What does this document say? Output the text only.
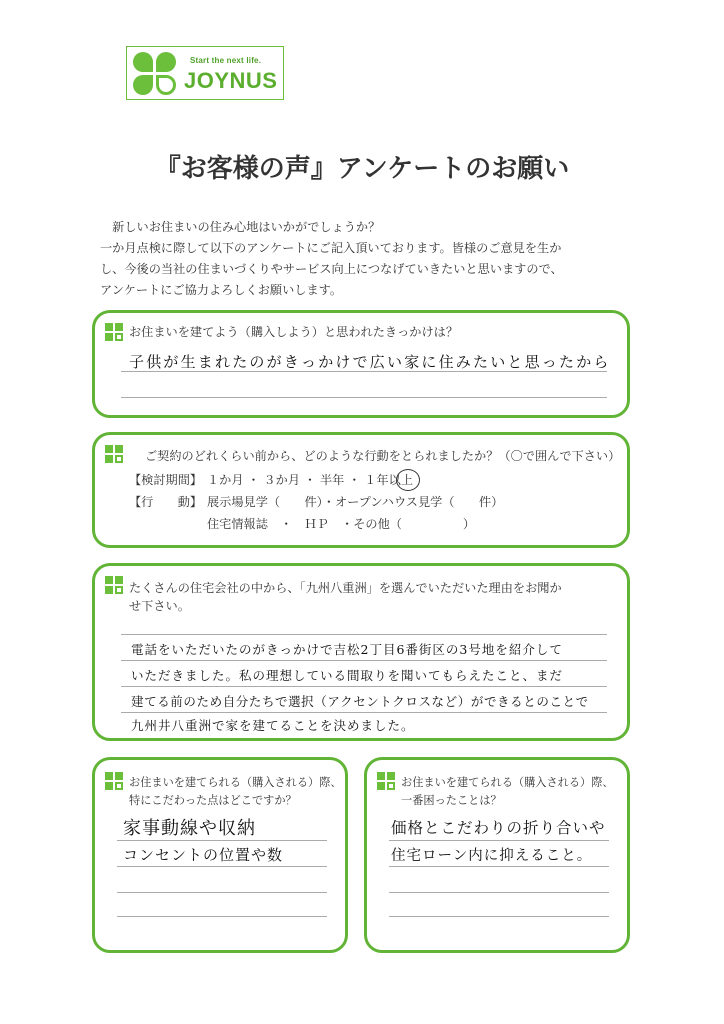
Start the next life.
JOYNUS
『お客様の声』アンケートのお願い

　新しいお住まいの住み心地はいかがでしょうか？

一か月点検に際して以下のアンケートにご記入頂いております。皆様のご意見を生か

し、今後の当社の住まいづくりやサービス向上につなげていきたいと思いますので、

アンケートにご協力よろしくお願いします。

お住まいを建てよう（購入しよう）と思われたきっかけは？
子供が生まれたのがきっかけで広い家に住みたいと思ったから
ご契約のどれくらい前から、どのような行動をとられましたか？（〇で囲んで下さい）
【検討期間】 １か月 ・ ３か月 ・ 半年 ・ １年以上
【行　　動】 展示場見学（　　件）・オープンハウス見学（　　件）
住宅情報誌　・　ＨＰ　・その他（　　　　　）
たくさんの住宅会社の中から、「九州八重洲」を選んでいただいた理由をお聞か
せ下さい。
電話をいただいたのがきっかけで吉松2丁目6番街区の3号地を紹介して
いただきました。私の理想している間取りを聞いてもらえたこと、まだ
建てる前のため自分たちで選択（アクセントクロスなど）ができるとのことで
九州井八重洲で家を建てることを決めました。
お住まいを建てられる（購入される）際、
特にこだわった点はどこですか？
家事動線や収納
コンセントの位置や数
お住まいを建てられる（購入される）際、
一番困ったことは？
価格とこだわりの折り合いや
住宅ローン内に抑えること。
